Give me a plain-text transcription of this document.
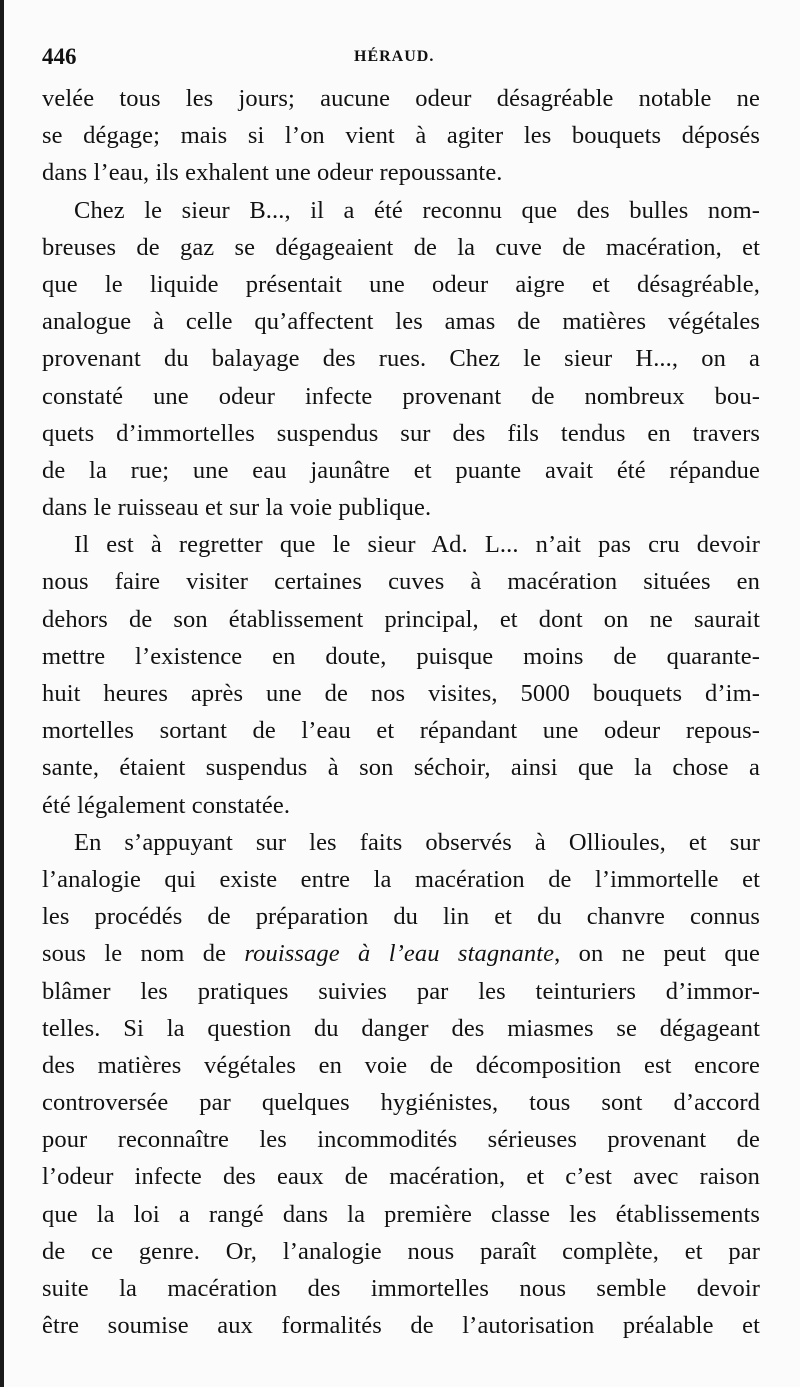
446	HÉRAUD.
velée tous les jours; aucune odeur désagréable notable ne
se dégage; mais si l’on vient à agiter les bouquets déposés
dans l’eau, ils exhalent une odeur repoussante.
Chez le sieur B..., il a été reconnu que des bulles nom-
breuses de gaz se dégageaient de la cuve de macération, et
que le liquide présentait une odeur aigre et désagréable,
analogue à celle qu’affectent les amas de matières végétales
provenant du balayage des rues. Chez le sieur H..., on a
constaté une odeur infecte provenant de nombreux bou-
quets d’immortelles suspendus sur des fils tendus en travers
de la rue; une eau jaunâtre et puante avait été répandue
dans le ruisseau et sur la voie publique.
Il est à regretter que le sieur Ad. L... n’ait pas cru devoir
nous faire visiter certaines cuves à macération situées en
dehors de son établissement principal, et dont on ne saurait
mettre l’existence en doute, puisque moins de quarante-
huit heures après une de nos visites, 5000 bouquets d’im-
mortelles sortant de l’eau et répandant une odeur repous-
sante, étaient suspendus à son séchoir, ainsi que la chose a
été légalement constatée.
En s’appuyant sur les faits observés à Ollioules, et sur
l’analogie qui existe entre la macération de l’immortelle et
les procédés de préparation du lin et du chanvre connus
sous le nom de rouissage à l’eau stagnante, on ne peut que
blâmer les pratiques suivies par les teinturiers d’immor-
telles. Si la question du danger des miasmes se dégageant
des matières végétales en voie de décomposition est encore
controversée par quelques hygiénistes, tous sont d’accord
pour reconnaître les incommodités sérieuses provenant de
l’odeur infecte des eaux de macération, et c’est avec raison
que la loi a rangé dans la première classe les établissements
de ce genre. Or, l’analogie nous paraît complète, et par
suite la macération des immortelles nous semble devoir
être soumise aux formalités de l’autorisation préalable et
